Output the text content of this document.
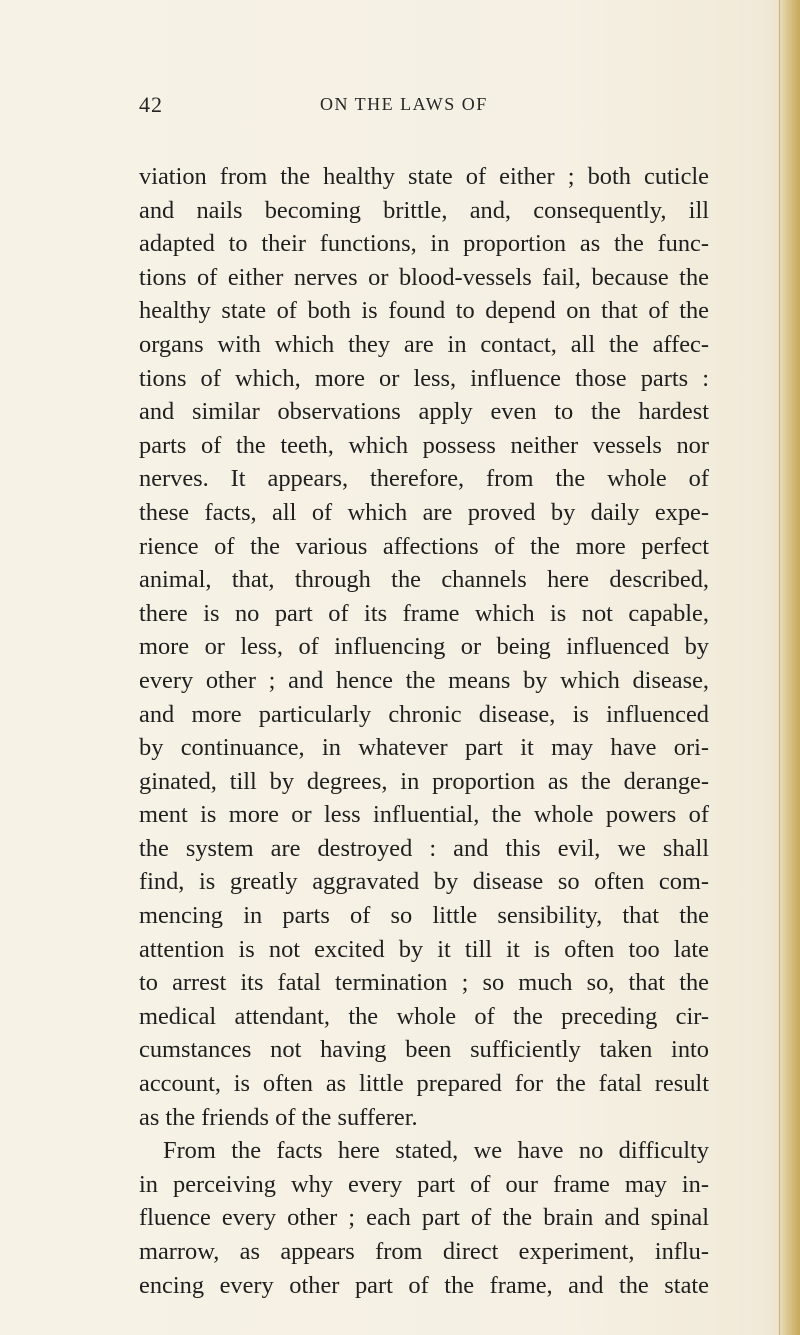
42	ON THE LAWS OF
viation from the healthy state of either ; both cuticle
and nails becoming brittle, and, consequently, ill
adapted to their functions, in proportion as the func-
tions of either nerves or blood-vessels fail, because the
healthy state of both is found to depend on that of the
organs with which they are in contact, all the affec-
tions of which, more or less, influence those parts :
and similar observations apply even to the hardest
parts of the teeth, which possess neither vessels nor
nerves. It appears, therefore, from the whole of
these facts, all of which are proved by daily expe-
rience of the various affections of the more perfect
animal, that, through the channels here described,
there is no part of its frame which is not capable,
more or less, of influencing or being influenced by
every other ; and hence the means by which disease,
and more particularly chronic disease, is influenced
by continuance, in whatever part it may have ori-
ginated, till by degrees, in proportion as the derange-
ment is more or less influential, the whole powers of
the system are destroyed : and this evil, we shall
find, is greatly aggravated by disease so often com-
mencing in parts of so little sensibility, that the
attention is not excited by it till it is often too late
to arrest its fatal termination ; so much so, that the
medical attendant, the whole of the preceding cir-
cumstances not having been sufficiently taken into
account, is often as little prepared for the fatal result
as the friends of the sufferer.
From the facts here stated, we have no difficulty
in perceiving why every part of our frame may in-
fluence every other ; each part of the brain and spinal
marrow, as appears from direct experiment, influ-
encing every other part of the frame, and the state
